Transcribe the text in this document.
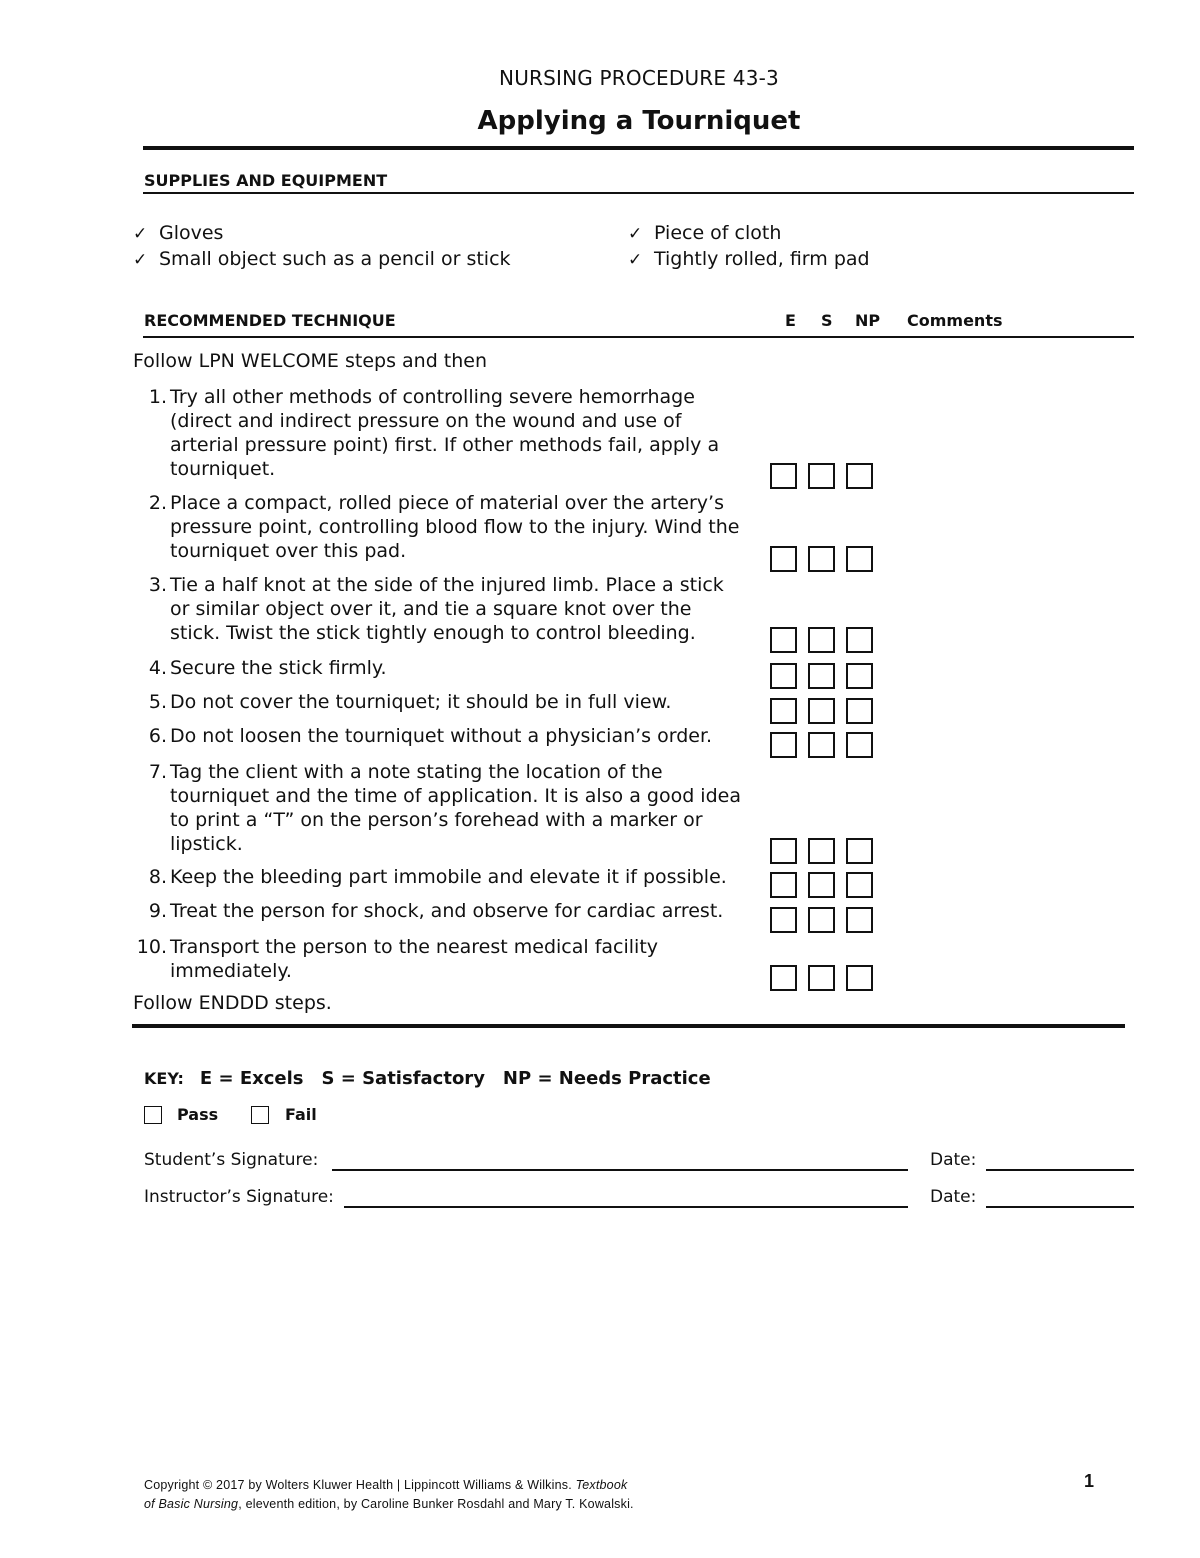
NURSING PROCEDURE 43-3
Applying a Tourniquet
SUPPLIES AND EQUIPMENT
✓ Gloves
✓ Small object such as a pencil or stick
✓ Piece of cloth
✓ Tightly rolled, firm pad
RECOMMENDED TECHNIQUE	E S NP Comments
Follow LPN WELCOME steps and then
1. Try all other methods of controlling severe hemorrhage
(direct and indirect pressure on the wound and use of
arterial pressure point) first. If other methods fail, apply a
tourniquet.
2. Place a compact, rolled piece of material over the artery’s
pressure point, controlling blood flow to the injury. Wind the
tourniquet over this pad.
3. Tie a half knot at the side of the injured limb. Place a stick
or similar object over it, and tie a square knot over the
stick. Twist the stick tightly enough to control bleeding.
4. Secure the stick firmly.
5. Do not cover the tourniquet; it should be in full view.
6. Do not loosen the tourniquet without a physician’s order.
7. Tag the client with a note stating the location of the
tourniquet and the time of application. It is also a good idea
to print a “T” on the person’s forehead with a marker or
lipstick.
8. Keep the bleeding part immobile and elevate it if possible.
9. Treat the person for shock, and observe for cardiac arrest.
10. Transport the person to the nearest medical facility
immediately.
Follow ENDDD steps.
KEY: E = Excels S = Satisfactory NP = Needs Practice
Pass	Fail
Student’s Signature:	Date:
Instructor’s Signature:	Date:
Copyright © 2017 by Wolters Kluwer Health | Lippincott Williams & Wilkins. Textbook
of Basic Nursing, eleventh edition, by Caroline Bunker Rosdahl and Mary T. Kowalski.
1
